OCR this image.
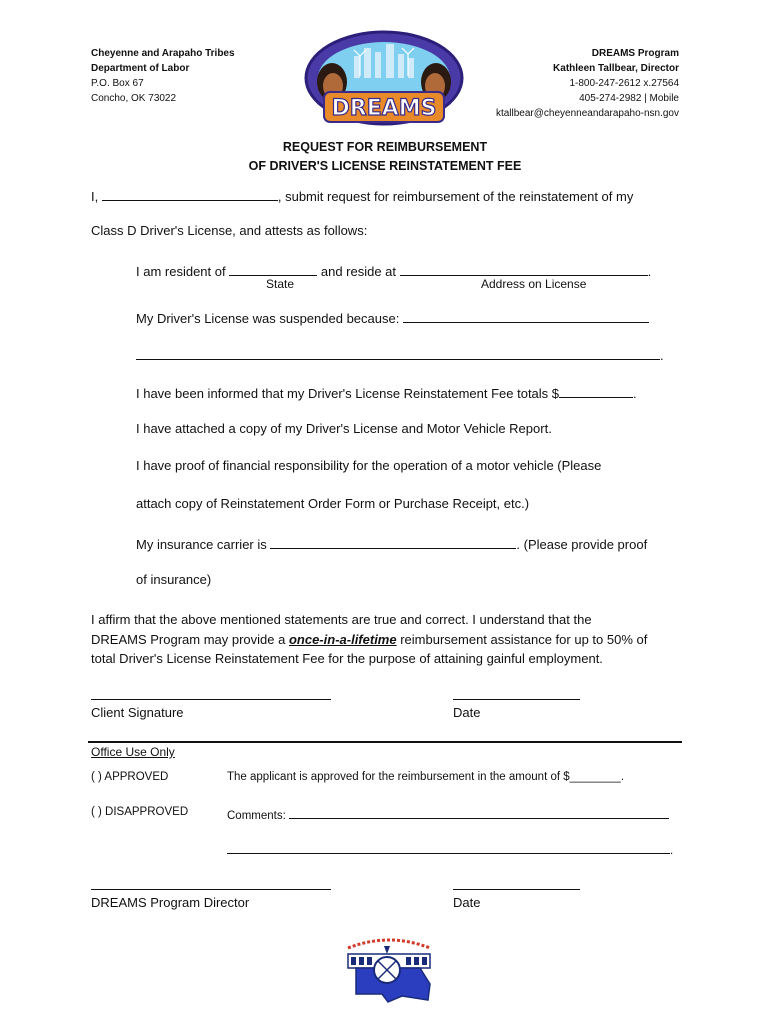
Cheyenne and Arapaho Tribes
Department of Labor
P.O. Box 67
Concho, OK 73022
DREAMS Program
Kathleen Tallbear, Director
1-800-247-2612 x.27564
405-274-2982 | Mobile
ktallbear@cheyenneandarapaho-nsn.gov
DREAMS
REQUEST FOR REIMBURSEMENT
OF DRIVER'S LICENSE REINSTATEMENT FEE
I,	, submit request for reimbursement of the reinstatement of my
Class D Driver's License, and attests as follows:
I am resident of	and reside at	.
State	Address on License
My Driver's License was suspended because:
.
I have been informed that my Driver's License Reinstatement Fee totals $	.
I have attached a copy of my Driver's License and Motor Vehicle Report.
I have proof of financial responsibility for the operation of a motor vehicle (Please
attach copy of Reinstatement Order Form or Purchase Receipt, etc.)
My insurance carrier is	. (Please provide proof
of insurance)
I affirm that the above mentioned statements are true and correct. I understand that the
DREAMS Program may provide a once-in-a-lifetime reimbursement assistance for up to 50% of
total Driver's License Reinstatement Fee for the purpose of attaining gainful employment.
Client Signature	Date
Office Use Only
( ) APPROVED	The applicant is approved for the reimbursement in the amount of $________.
( ) DISAPPROVED	Comments:
.
DREAMS Program Director	Date
